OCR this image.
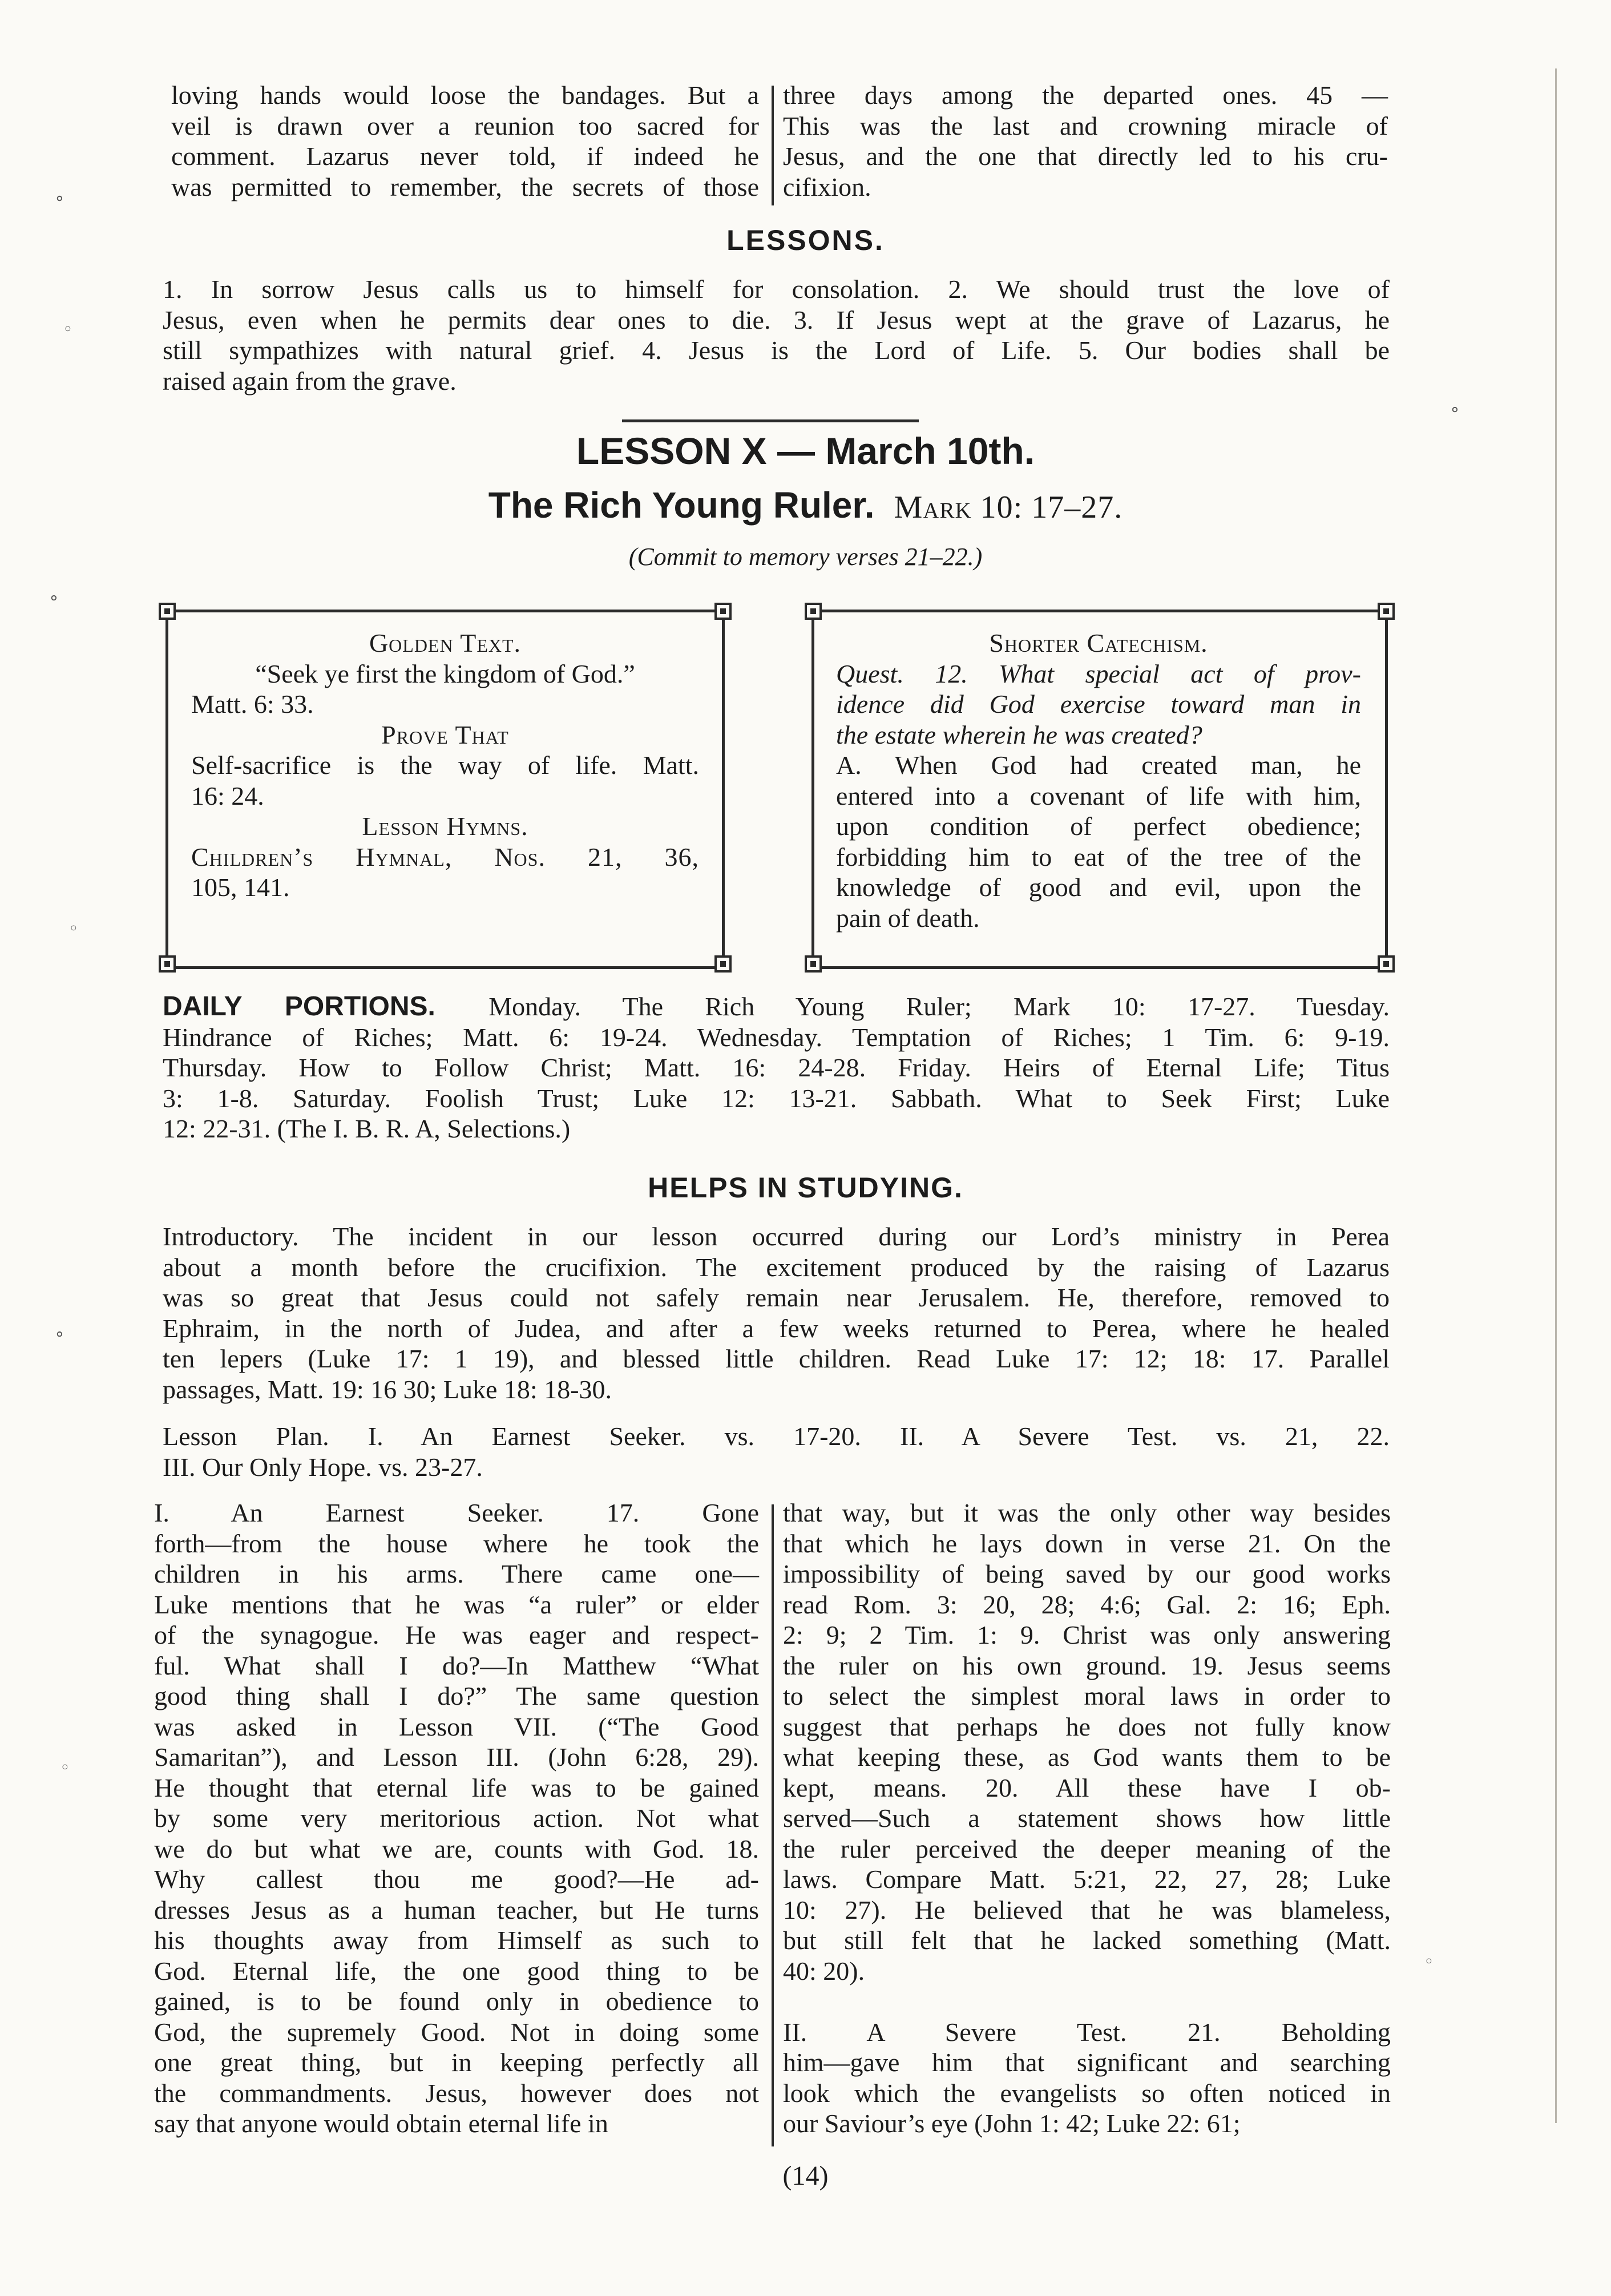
loving hands would loose the bandages. But a

veil is drawn over a reunion too sacred for

comment. Lazarus never told, if indeed he

was permitted to remember, the secrets of those

three days among the departed ones. 45 —

This was the last and crowning miracle of

Jesus, and the one that directly led to his cru-

cifixion.

LESSONS.

1. In sorrow Jesus calls us to himself for consolation. 2. We should trust the love of

Jesus, even when he permits dear ones to die. 3. If Jesus wept at the grave of Lazarus, he

still sympathizes with natural grief. 4. Jesus is the Lord of Life. 5. Our bodies shall be

raised again from the grave.

LESSON X — March 10th.
The Rich Young Ruler. Mark 10: 17–27.
(Commit to memory verses 21–22.)

Golden Text.

“Seek ye first the kingdom of God.”

Matt. 6: 33.

Prove That

Self-sacrifice is the way of life. Matt.

16: 24.

Lesson Hymns.

Children’s Hymnal, Nos. 21, 36,

105, 141.

Shorter Catechism.

Quest. 12. What special act of prov-

idence did God exercise toward man in

the estate wherein he was created?

A. When God had created man, he

entered into a covenant of life with him,

upon condition of perfect obedience;

forbidding him to eat of the tree of the

knowledge of good and evil, upon the

pain of death.

DAILY PORTIONS. Monday. The Rich Young Ruler; Mark 10: 17-27. Tuesday.

Hindrance of Riches; Matt. 6: 19-24. Wednesday. Temptation of Riches; 1 Tim. 6: 9-19.

Thursday. How to Follow Christ; Matt. 16: 24-28. Friday. Heirs of Eternal Life; Titus

3: 1-8. Saturday. Foolish Trust; Luke 12: 13-21. Sabbath. What to Seek First; Luke

12: 22-31. (The I. B. R. A, Selections.)

HELPS IN STUDYING.

Introductory. The incident in our lesson occurred during our Lord’s ministry in Perea

about a month before the crucifixion. The excitement produced by the raising of Lazarus

was so great that Jesus could not safely remain near Jerusalem. He, therefore, removed to

Ephraim, in the north of Judea, and after a few weeks returned to Perea, where he healed

ten lepers (Luke 17: 1 19), and blessed little children. Read Luke 17: 12; 18: 17. Parallel

passages, Matt. 19: 16 30; Luke 18: 18-30.

Lesson Plan. I. An Earnest Seeker. vs. 17-20. II. A Severe Test. vs. 21, 22.

III. Our Only Hope. vs. 23-27.

I. An Earnest Seeker. 17. Gone

forth—from the house where he took the

children in his arms. There came one—

Luke mentions that he was “a ruler” or elder

of the synagogue. He was eager and respect-

ful. What shall I do?—In Matthew “What

good thing shall I do?” The same question

was asked in Lesson VII. (“The Good

Samaritan”), and Lesson III. (John 6:28, 29).

He thought that eternal life was to be gained

by some very meritorious action. Not what

we do but what we are, counts with God. 18.

Why callest thou me good?—He ad-

dresses Jesus as a human teacher, but He turns

his thoughts away from Himself as such to

God. Eternal life, the one good thing to be

gained, is to be found only in obedience to

God, the supremely Good. Not in doing some

one great thing, but in keeping perfectly all

the commandments. Jesus, however does not

say that anyone would obtain eternal life in

that way, but it was the only other way besides

that which he lays down in verse 21. On the

impossibility of being saved by our good works

read Rom. 3: 20, 28; 4:6; Gal. 2: 16; Eph.

2: 9; 2 Tim. 1: 9. Christ was only answering

the ruler on his own ground. 19. Jesus seems

to select the simplest moral laws in order to

suggest that perhaps he does not fully know

what keeping these, as God wants them to be

kept, means. 20. All these have I ob-

served—Such a statement shows how little

the ruler perceived the deeper meaning of the

laws. Compare Matt. 5:21, 22, 27, 28; Luke

10: 27). He believed that he was blameless,

but still felt that he lacked something (Matt.

40: 20).

II. A Severe Test. 21. Beholding

him—gave him that significant and searching

look which the evangelists so often noticed in

our Saviour’s eye (John 1: 42; Luke 22: 61;

(14)
∘
◦
∘
◦
∘
◦
∘
◦
